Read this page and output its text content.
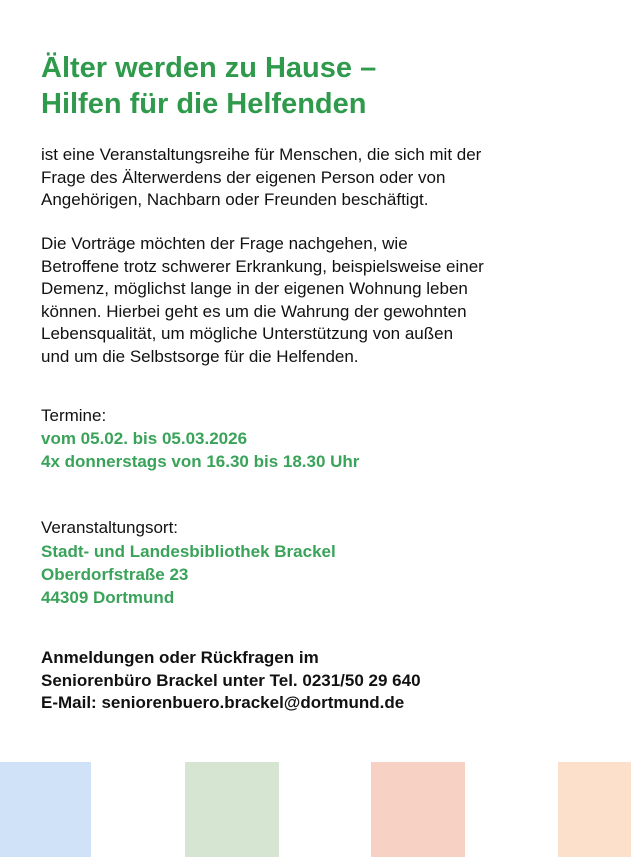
Älter werden zu Hause –
Hilfen für die Helfenden

ist eine Veranstaltungsreihe für Menschen, die sich mit der
Frage des Älterwerdens der eigenen Person oder von
Angehörigen, Nachbarn oder Freunden beschäftigt.

Die Vorträge möchten der Frage nachgehen, wie
Betroffene trotz schwerer Erkrankung, beispielsweise einer
Demenz, möglichst lange in der eigenen Wohnung leben
können. Hierbei geht es um die Wahrung der gewohnten
Lebensqualität, um mögliche Unterstützung von außen
und um die Selbstsorge für die Helfenden.

Termine:
vom 05.02. bis 05.03.2026
4x donnerstags von 16.30 bis 18.30 Uhr
Veranstaltungsort:
Stadt- und Landesbibliothek Brackel
Oberdorfstraße 23
44309 Dortmund
Anmeldungen oder Rückfragen im
Seniorenbüro Brackel unter Tel. 0231/50 29 640
E-Mail: seniorenbuero.brackel@dortmund.de
